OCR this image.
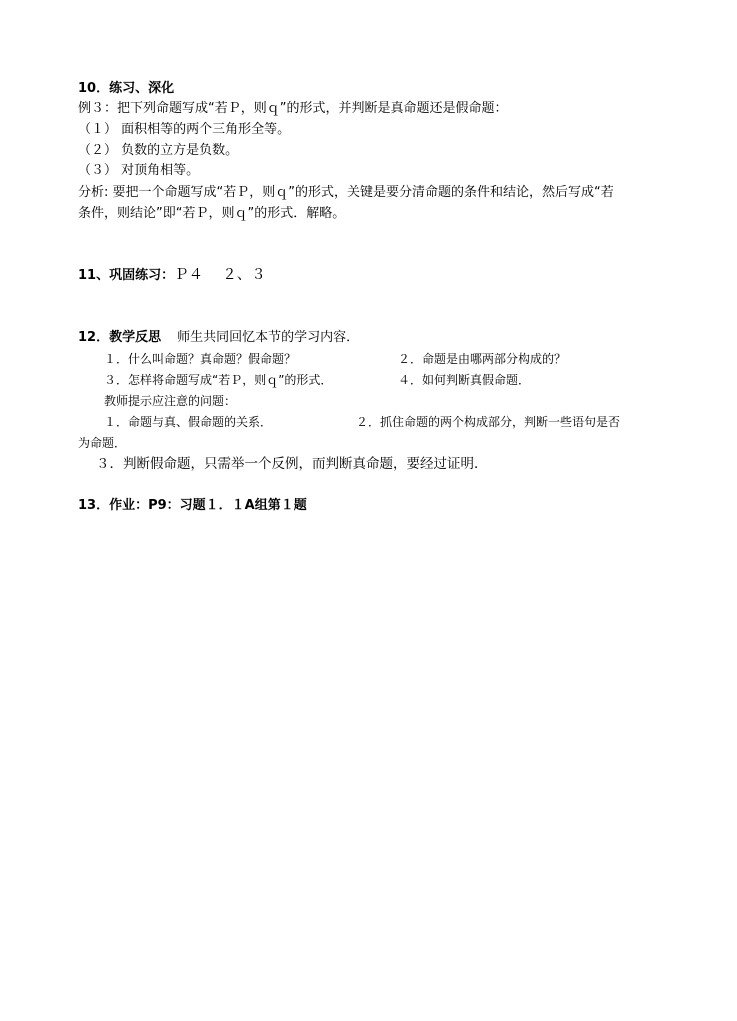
10．练习、深化
例３：把下列命题写成“若Ｐ，则ｑ”的形式，并判断是真命题还是假命题：
（１） 面积相等的两个三角形全等。
（２） 负数的立方是负数。
（３） 对顶角相等。
分析: 要把一个命题写成“若Ｐ，则ｑ”的形式，关键是要分清命题的条件和结论，然后写成“若
条件，则结论”即“若Ｐ，则ｑ”的形式．解略。
11、巩固练习：Ｐ４　 ２、３
12．教学反思 师生共同回忆本节的学习内容．
１．什么叫命题？真命题？假命题？	２．命题是由哪两部分构成的？
３．怎样将命题写成“若Ｐ，则ｑ”的形式．	４．如何判断真假命题．
教师提示应注意的问题：
１．命题与真、假命题的关系．	２．抓住命题的两个构成部分，判断一些语句是否
为命题．
３．判断假命题，只需举一个反例，而判断真命题，要经过证明．
13．作业：P9：习题１．１A组第１题
